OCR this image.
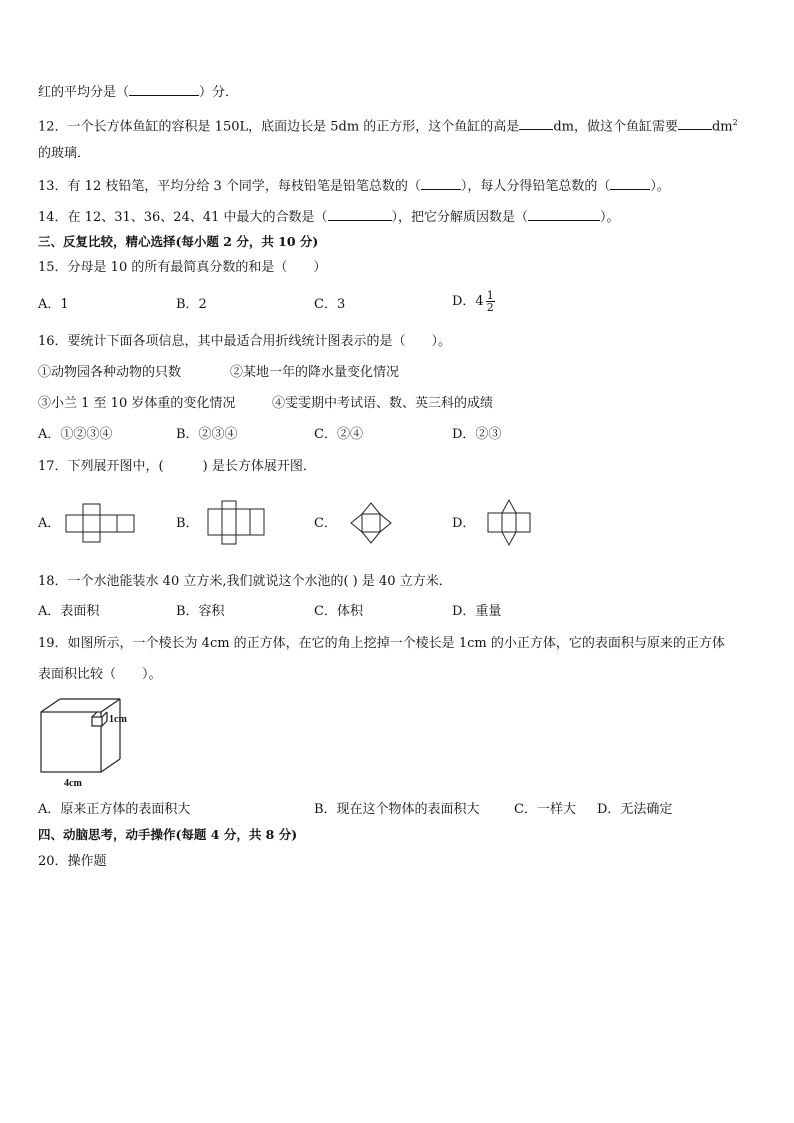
红的平均分是（	）分．
12．一个长方体鱼缸的容积是 150L，底面边长是 5dm 的正方形，这个鱼缸的高是	dm，做这个鱼缸需要	$dm^2$
的玻璃．
13．有 12 枝铅笔，平均分给 3 个同学，每枝铅笔是铅笔总数的（	），每人分得铅笔总数的（	）。
14．在 12、31、36、24、41 中最大的合数是（	），把它分解质因数是（	）。
三、反复比较，精心选择(每小题 2 分，共 10 分)
15．分母是 10 的所有最简真分数的和是（　　）
A．1	B．2	C．3	D．$4 \frac{1}{2}$
16．要统计下面各项信息，其中最适合用折线统计图表示的是（　　）。
①动物园各种动物的只数	②某地一年的降水量变化情况
③小兰 1 至 10 岁体重的变化情况	④雯雯期中考试语、数、英三科的成绩
A．①②③④	B．②③④	C．②④	D．②③
17．下列展开图中，(　　　) 是长方体展开图．
A．	B．	C．	D．
18．一个水池能装水 40 立方米,我们就说这个水池的( ) 是 40 立方米．
A．表面积	B．容积	C．体积	D．重量
19．如图所示，一个棱长为 4cm 的正方体，在它的角上挖掉一个棱长是 1cm 的小正方体，它的表面积与原来的正方体
表面积比较（　　）。
1cm
4cm
A．原来正方体的表面积大	B．现在这个物体的表面积大	C．一样大 D．无法确定
四、动脑思考，动手操作(每题 4 分，共 8 分)
20．操作题
